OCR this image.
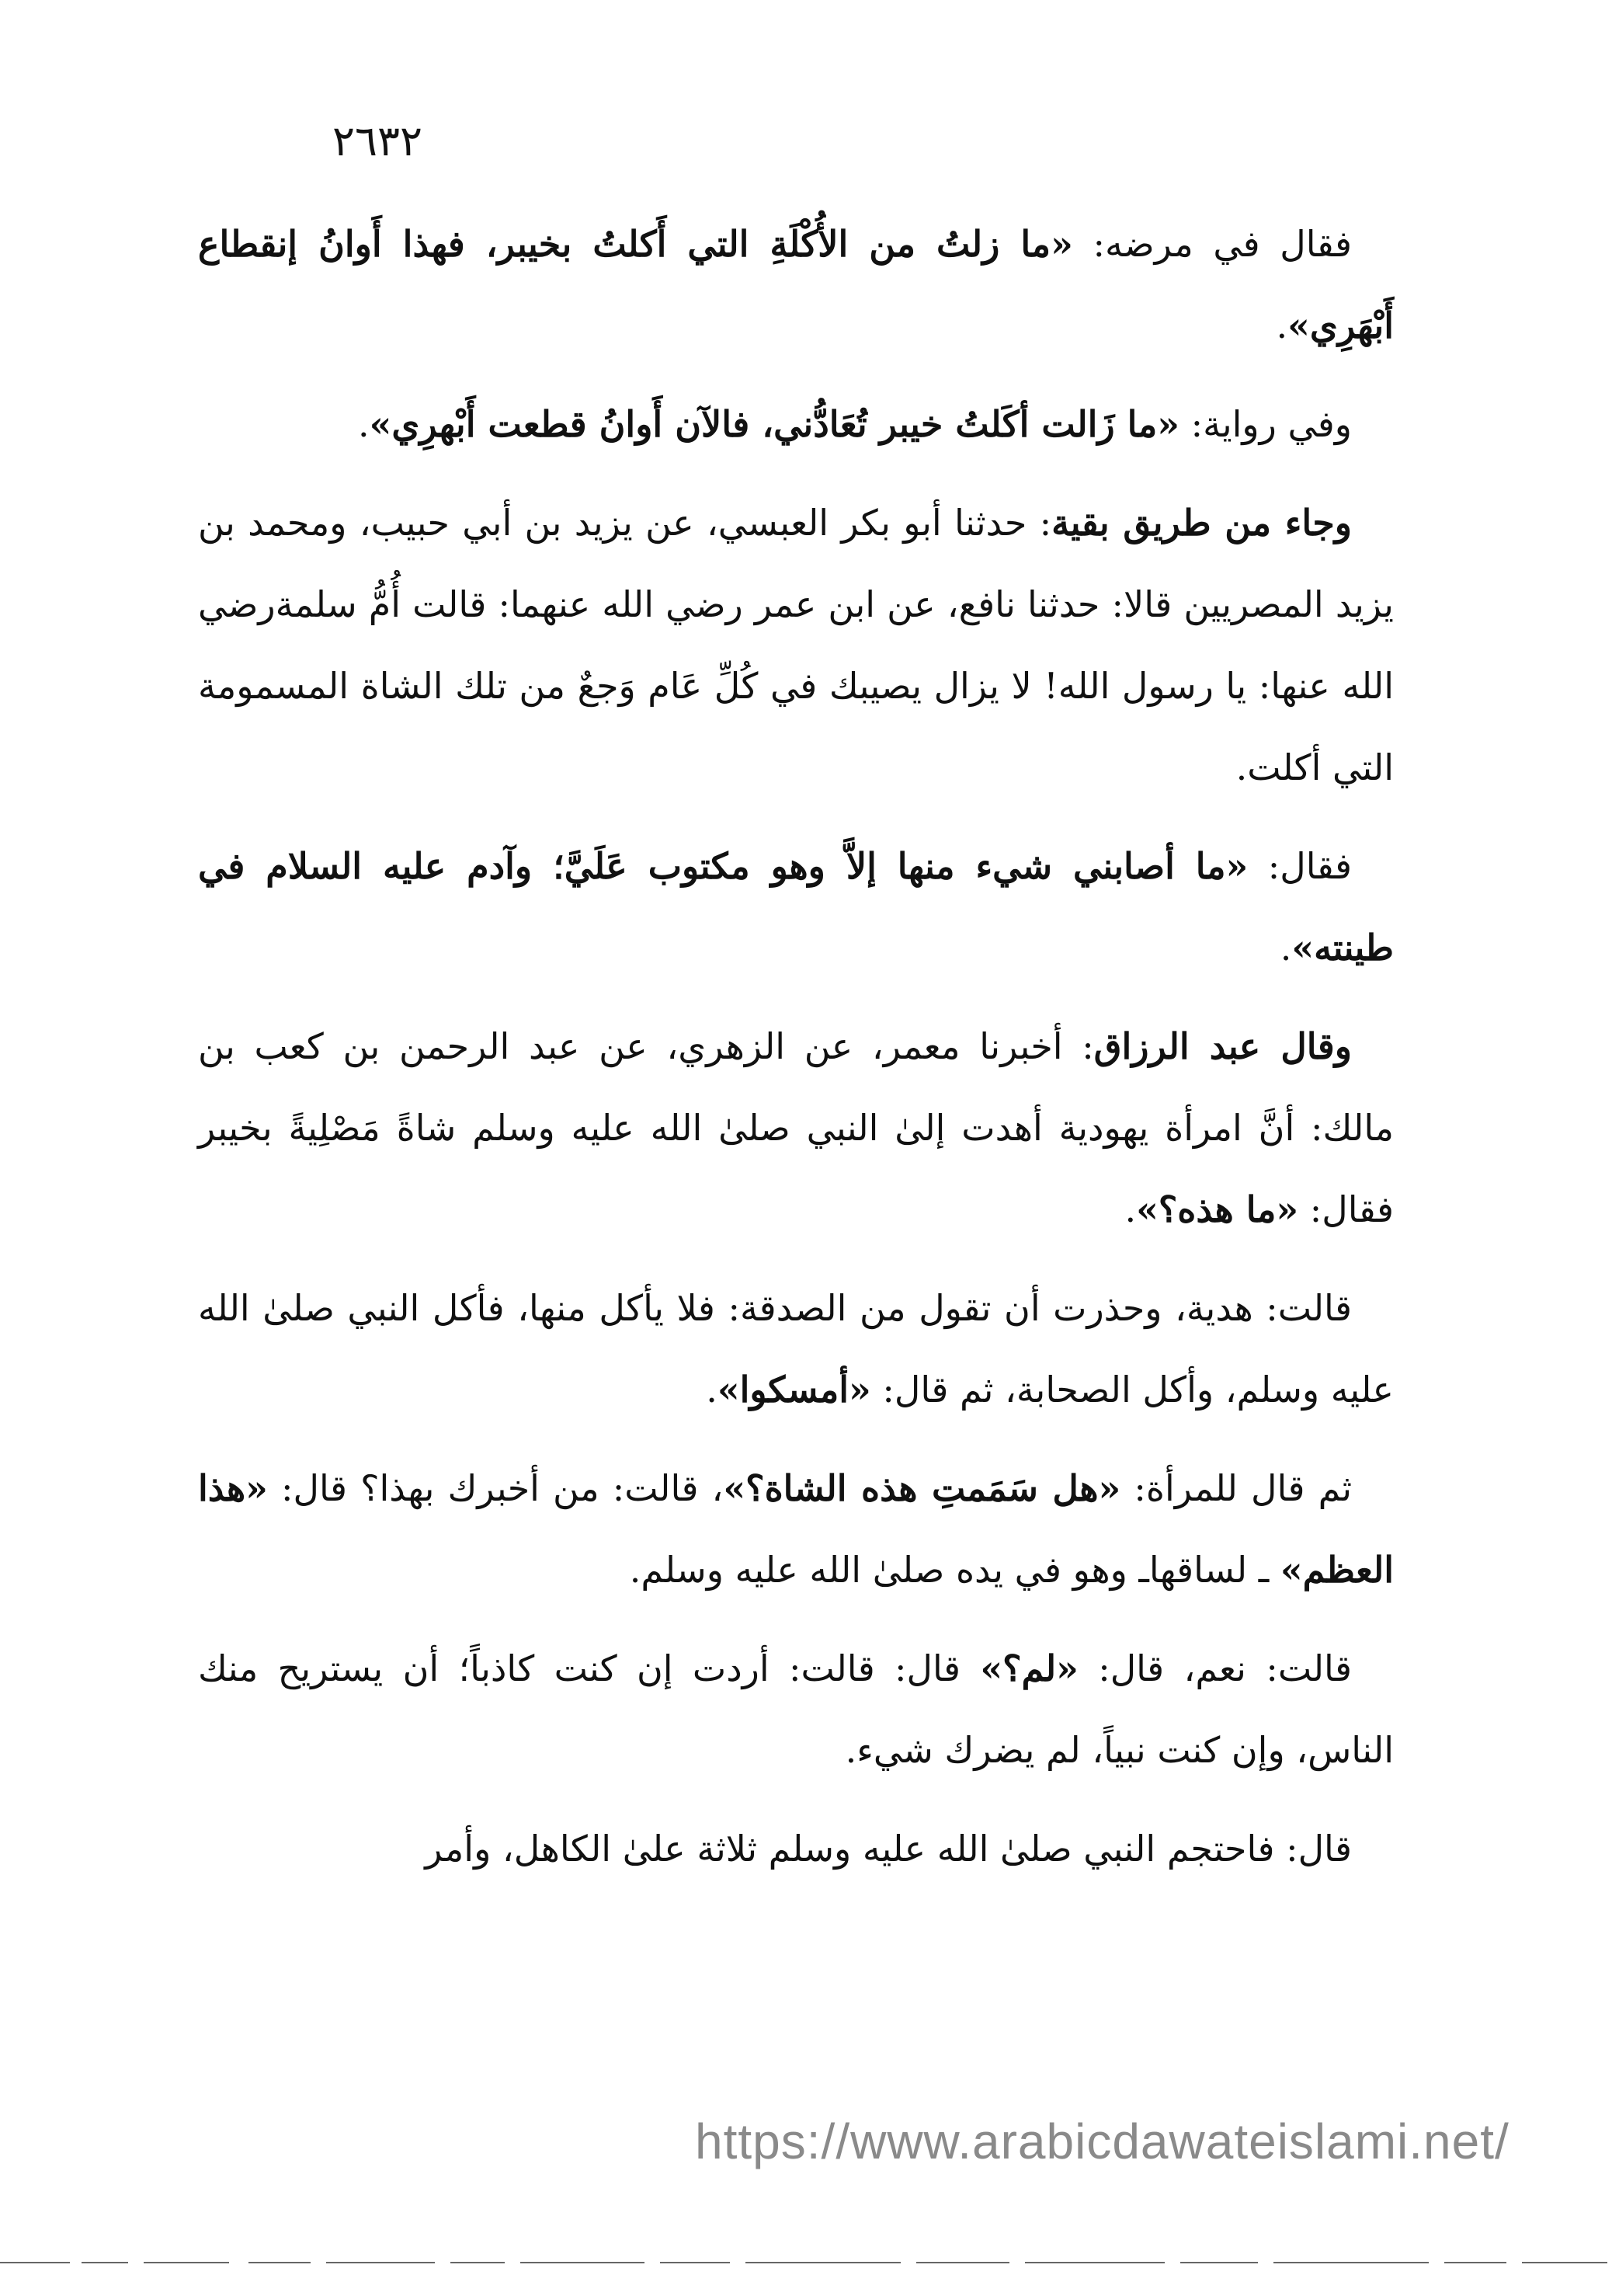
٢٦٣٢

فقال في مرضه: «ما زلتُ من الأُكْلَةِ التي أَكلتُ بخيبر، فهذا أَوانُ إنقطاع أَبْهَرِي».

وفي رواية: «ما زَالت أكَلتُ خيبر تُعَادُّني، فالآن أَوانُ قطعت أَبْهرِي».

وجاء من طريق بقية: حدثنا أبو بكر العبسي، عن يزيد بن أبي حبيب، ومحمد بن يزيد المصريين قالا: حدثنا نافع، عن ابن عمر رضي الله عنهما: قالت أُمُّ سلمةرضي الله عنها: يا رسول الله! لا يزال يصيبك في كُلِّ عَام وَجعٌ من تلك الشاة المسمومة التي أكلت.

فقال: «ما أصابني شيء منها إلاَّ وهو مكتوب عَلَيَّ؛ وآدم عليه السلام في طينته».

وقال عبد الرزاق: أخبرنا معمر، عن الزهري، عن عبد الرحمن بن كعب بن مالك: أنَّ امرأة يهودية أهدت إلىٰ النبي صلىٰ الله عليه وسلم شاةً مَصْلِيةً بخيبر فقال: «ما هذه؟».

قالت: هدية، وحذرت أن تقول من الصدقة: فلا يأكل منها، فأكل النبي صلىٰ الله عليه وسلم، وأكل الصحابة، ثم قال: «أمسكوا».

ثم قال للمرأة: «هل سَمَمتِ هذه الشاة؟»، قالت: من أخبرك بهذا؟ قال: «هذا العظم» ـ لساقهاـ وهو في يده صلىٰ الله عليه وسلم.

قالت: نعم، قال: «لم؟» قال: قالت: أردت إن كنت كاذباً؛ أن يستريح منك الناس، وإن كنت نبياً، لم يضرك شيء.

قال: فاحتجم النبي صلىٰ الله عليه وسلم ثلاثة علىٰ الكاهل، وأمر

https://www.arabicdawateislami.net/
